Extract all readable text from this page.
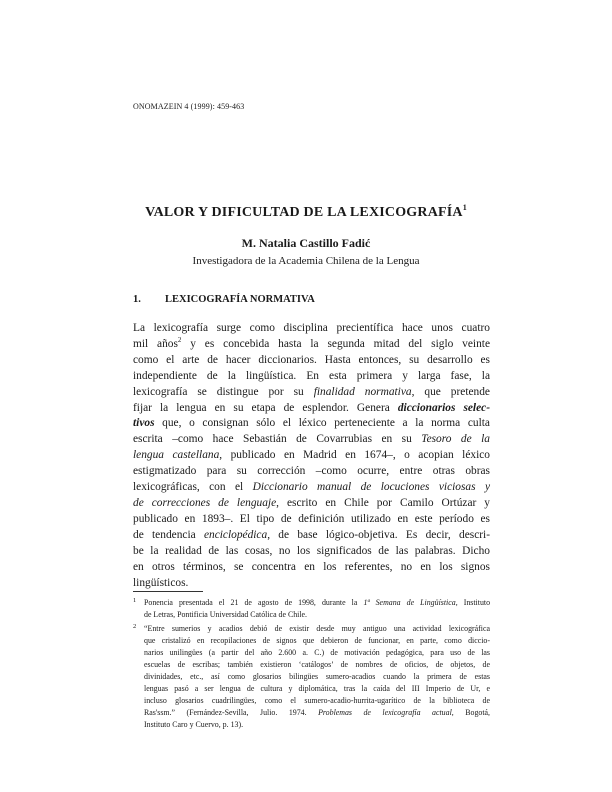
ONOMAZEIN 4 (1999): 459-463
VALOR Y DIFICULTAD DE LA LEXICOGRAFÍA$^1$
M. Natalia Castillo Fadić
Investigadora de la Academia Chilena de la Lengua
1. LEXICOGRAFÍA NORMATIVA
La lexicografía surge como disciplina precientífica hace unos cuatro
mil años$^2$ y es concebida hasta la segunda mitad del siglo veinte
como el arte de hacer diccionarios. Hasta entonces, su desarrollo es
independiente de la lingüística. En esta primera y larga fase, la
lexicografía se distingue por su finalidad normativa, que pretende
fijar la lengua en su etapa de esplendor. Genera diccionarios selec-
tivos que, o consignan sólo el léxico perteneciente a la norma culta
escrita –como hace Sebastián de Covarrubias en su Tesoro de la
lengua castellana, publicado en Madrid en 1674–, o acopian léxico
estigmatizado para su corrección –como ocurre, entre otras obras
lexicográficas, con el Diccionario manual de locuciones viciosas y
de correcciones de lenguaje, escrito en Chile por Camilo Ortúzar y
publicado en 1893–. El tipo de definición utilizado en este período es
de tendencia enciclopédica, de base lógico-objetiva. Es decir, descri-
be la realidad de las cosas, no los significados de las palabras. Dicho
en otros términos, se concentra en los referentes, no en los signos
lingüísticos.
1 Ponencia presentada el 21 de agosto de 1998, durante la 1ª Semana de Lingüística, Instituto
de Letras, Pontificia Universidad Católica de Chile.
2 “Entre sumerios y acadios debió de existir desde muy antiguo una actividad lexicográfica
que cristalizó en recopilaciones de signos que debieron de funcionar, en parte, como diccio-
narios unilingües (a partir del año 2.600 a. C.) de motivación pedagógica, para uso de las
escuelas de escribas; también existieron ‘catálogos’ de nombres de oficios, de objetos, de
divinidades, etc., así como glosarios bilingües sumero-acadios cuando la primera de estas
lenguas pasó a ser lengua de cultura y diplomática, tras la caída del III Imperio de Ur, e
incluso glosarios cuadrilingües, como el sumero-acadio-hurrita-ugarítico de la biblioteca de
Ras'ssm.” (Fernández-Sevilla, Julio. 1974. Problemas de lexicografía actual, Bogotá,
Instituto Caro y Cuervo, p. 13).
